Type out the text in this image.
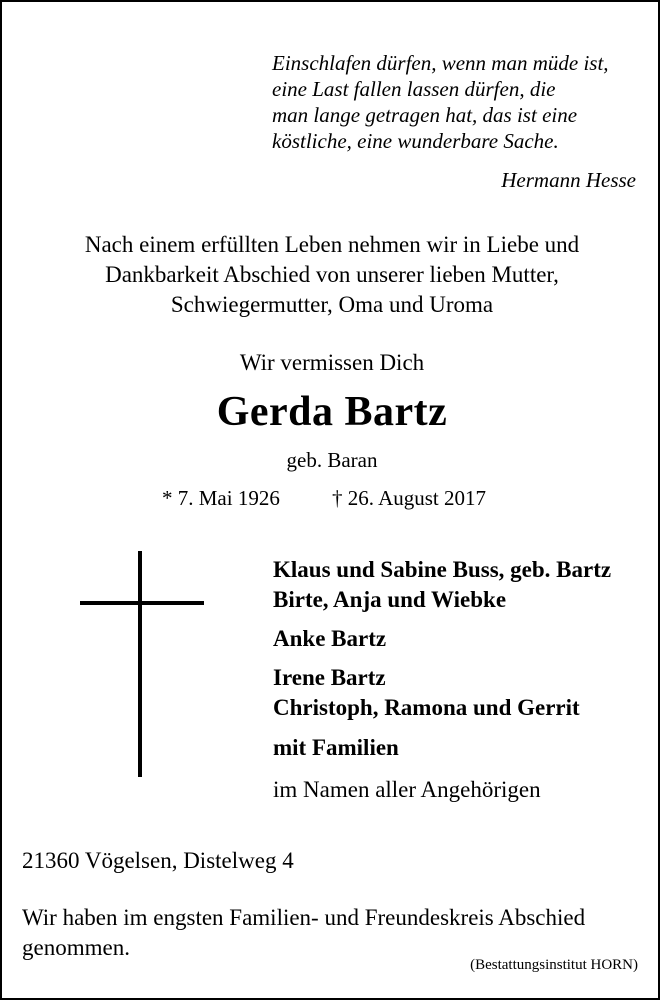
Einschlafen dürfen, wenn man müde ist,
eine Last fallen lassen dürfen, die
man lange getragen hat, das ist eine
köstliche, eine wunderbare Sache.
Hermann Hesse
Nach einem erfüllten Leben nehmen wir in Liebe und
Dankbarkeit Abschied von unserer lieben Mutter,
Schwiegermutter, Oma und Uroma
Wir vermissen Dich
Gerda Bartz
geb. Baran
* 7. Mai 1926 † 26. August 2017
Klaus und Sabine Buss, geb. Bartz
Birte, Anja und Wiebke
Anke Bartz
Irene Bartz
Christoph, Ramona und Gerrit
mit Familien
im Namen aller Angehörigen
21360 Vögelsen, Distelweg 4
Wir haben im engsten Familien- und Freundeskreis Abschied genommen.
(Bestattungsinstitut HORN)
